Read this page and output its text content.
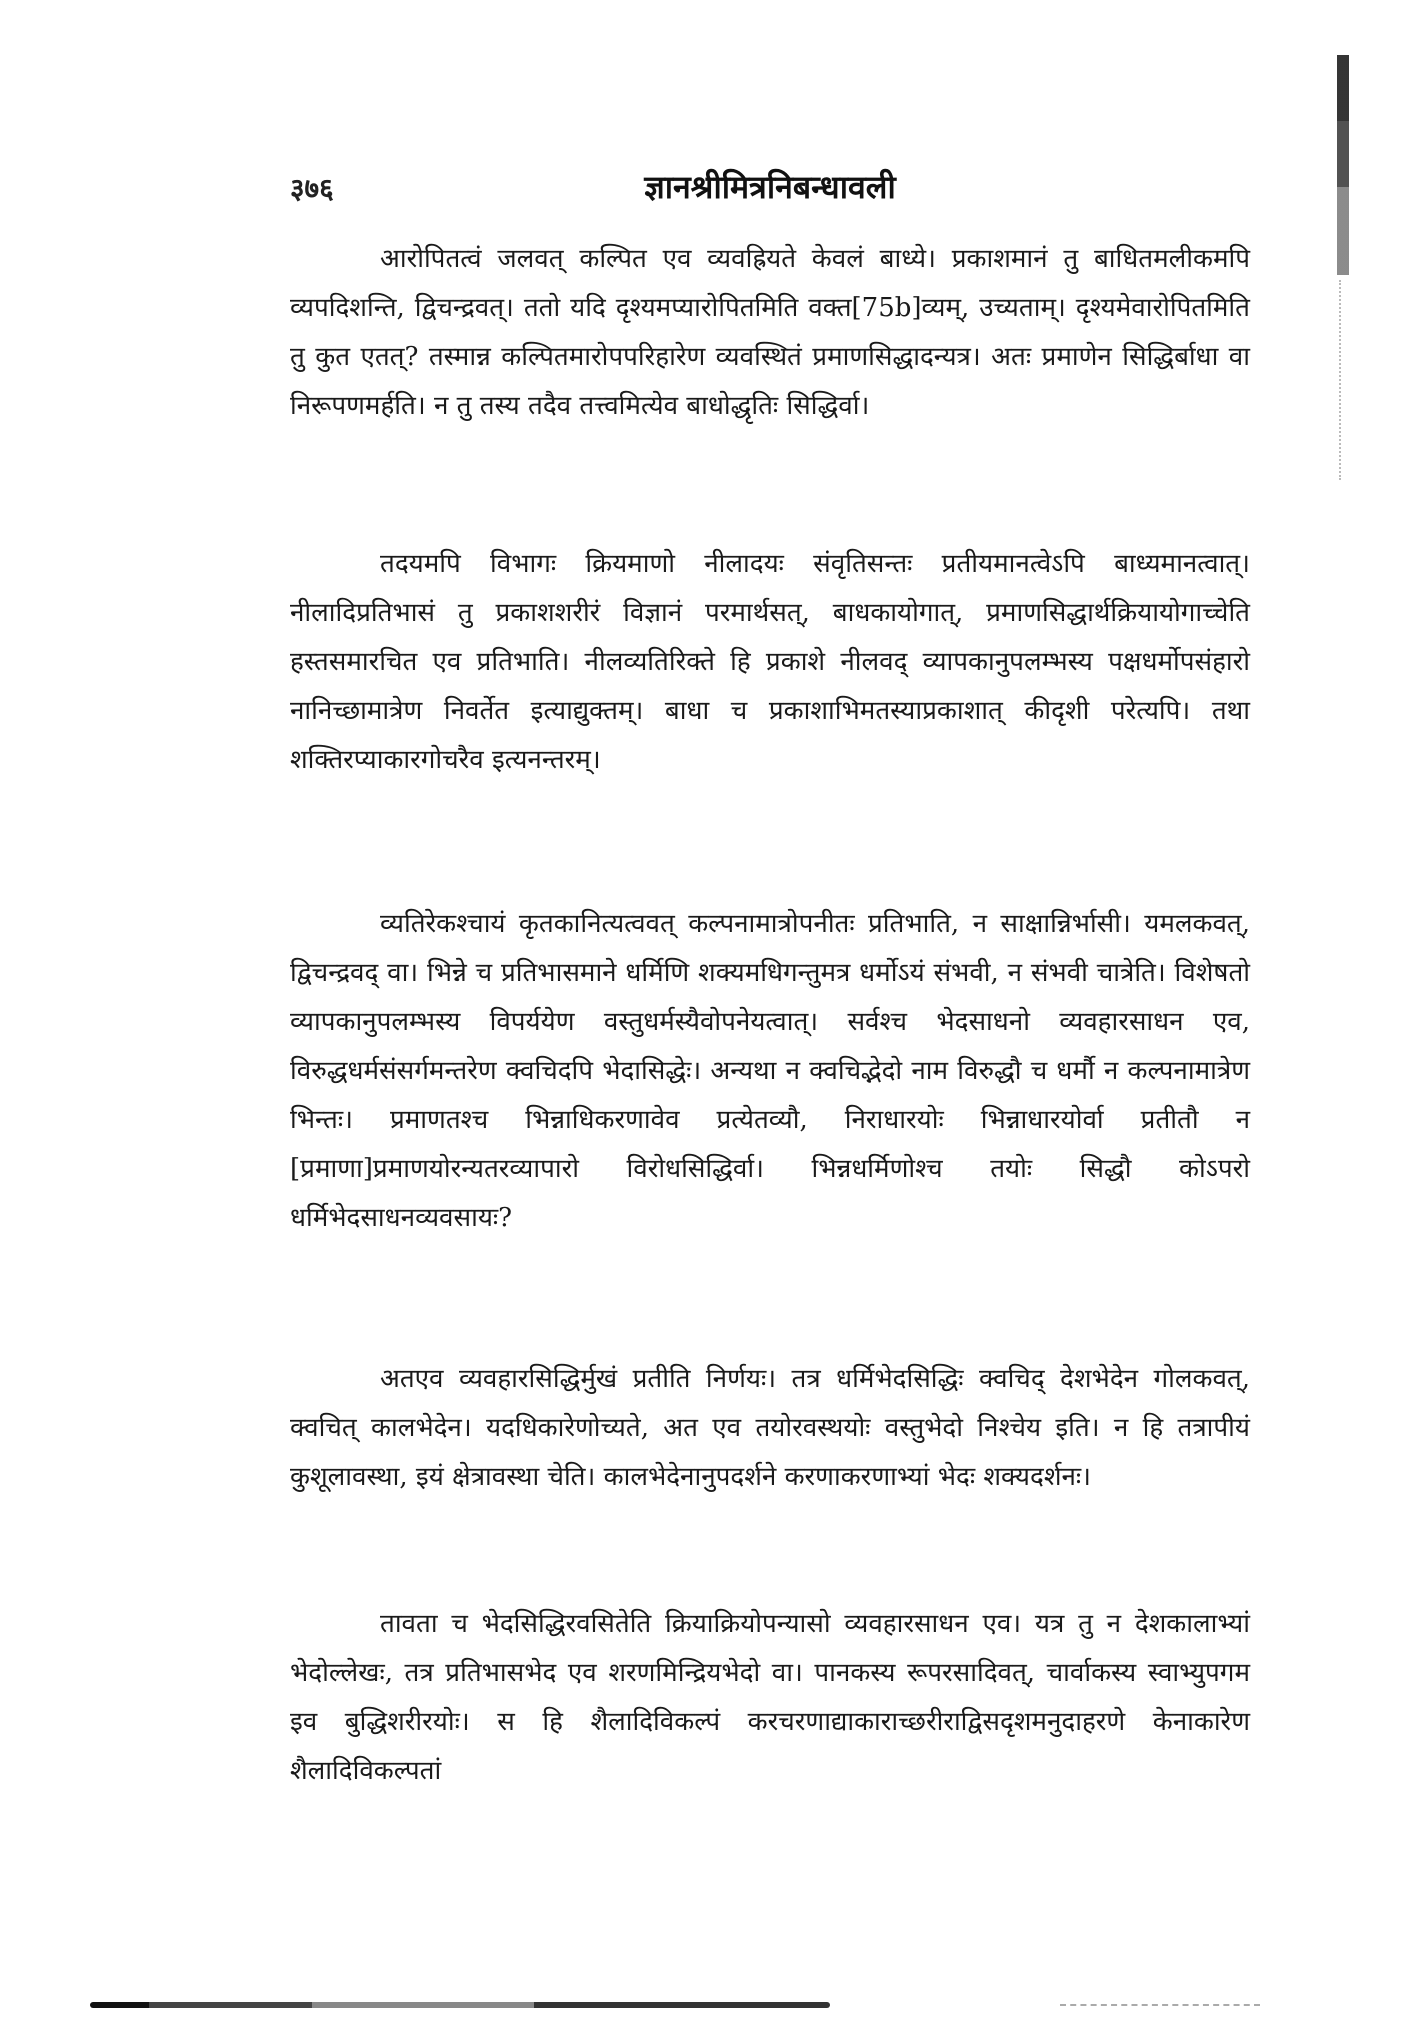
३७६	ज्ञानश्रीमित्रनिबन्धावली

आरोपितत्वं जलवत् कल्पित एव व्यवह्रियते केवलं बाध्ये। प्रकाशमानं तु बाधितमलीकमपि व्यपदिशन्ति, द्विचन्द्रवत्। ततो यदि दृश्यमप्यारोपितमिति वक्त[75b]व्यम्, उच्यताम्। दृश्यमेवारोपितमिति तु कुत एतत्? तस्मान्न कल्पितमारोपपरिहारेण व्यवस्थितं प्रमाणसिद्धादन्यत्र। अतः प्रमाणेन सिद्धिर्बाधा वा निरूपणमर्हति। न तु तस्य तदैव तत्त्वमित्येव बाधोद्धृतिः सिद्धिर्वा।

तदयमपि विभागः क्रियमाणो नीलादयः संवृतिसन्तः प्रतीयमानत्वेऽपि बाध्यमानत्वात्। नीलादिप्रतिभासं तु प्रकाशशरीरं विज्ञानं परमार्थसत्, बाधकायोगात्, प्रमाणसिद्धार्थक्रियायोगाच्चेति हस्तसमारचित एव प्रतिभाति। नीलव्यतिरिक्ते हि प्रकाशे नीलवद् व्यापकानुपलम्भस्य पक्षधर्मोपसंहारो नानिच्छामात्रेण निवर्तेत इत्याद्युक्तम्। बाधा च प्रकाशाभिमतस्याप्रकाशात् कीदृशी परेत्यपि। तथा शक्तिरप्याकारगोचरैव इत्यनन्तरम्।

व्यतिरेकश्चायं कृतकानित्यत्ववत् कल्पनामात्रोपनीतः प्रतिभाति, न साक्षान्निर्भासी। यमलकवत्, द्विचन्द्रवद् वा। भिन्ने च प्रतिभासमाने धर्मिणि शक्यमधिगन्तुमत्र धर्मोऽयं संभवी, न संभवी चात्रेति। विशेषतो व्यापकानुपलम्भस्य विपर्ययेण वस्तुधर्मस्यैवोपनेयत्वात्। सर्वश्च भेदसाधनो व्यवहारसाधन एव, विरुद्धधर्मसंसर्गमन्तरेण क्वचिदपि भेदासिद्धेः। अन्यथा न क्वचिद्भेदो नाम विरुद्धौ च धर्मौ न कल्पनामात्रेण भिन्तः। प्रमाणतश्च भिन्नाधिकरणावेव प्रत्येतव्यौ, निराधारयोः भिन्नाधारयोर्वा प्रतीतौ न [प्रमाणा]प्रमाणयोरन्यतरव्यापारो विरोधसिद्धिर्वा। भिन्नधर्मिणोश्च तयोः सिद्धौ कोऽपरो धर्मिभेदसाधनव्यवसायः?

अतएव व्यवहारसिद्धिर्मुखं प्रतीति निर्णयः। तत्र धर्मिभेदसिद्धिः क्वचिद् देशभेदेन गोलकवत्, क्वचित् कालभेदेन। यदधिकारेणोच्यते, अत एव तयोरवस्थयोः वस्तुभेदो निश्चेय इति। न हि तत्रापीयं कुशूलावस्था, इयं क्षेत्रावस्था चेति। कालभेदेनानुपदर्शने करणाकरणाभ्यां भेदः शक्यदर्शनः।

तावता च भेदसिद्धिरवसितेति क्रियाक्रियोपन्यासो व्यवहारसाधन एव। यत्र तु न देशकालाभ्यां भेदोल्लेखः, तत्र प्रतिभासभेद एव शरणमिन्द्रियभेदो वा। पानकस्य रूपरसादिवत्, चार्वाकस्य स्वाभ्युपगम इव बुद्धिशरीरयोः। स हि शैलादिविकल्पं करचरणाद्याकाराच्छरीराद्विसदृशमनुदाहरणे केनाकारेण शैलादिविकल्पतां
